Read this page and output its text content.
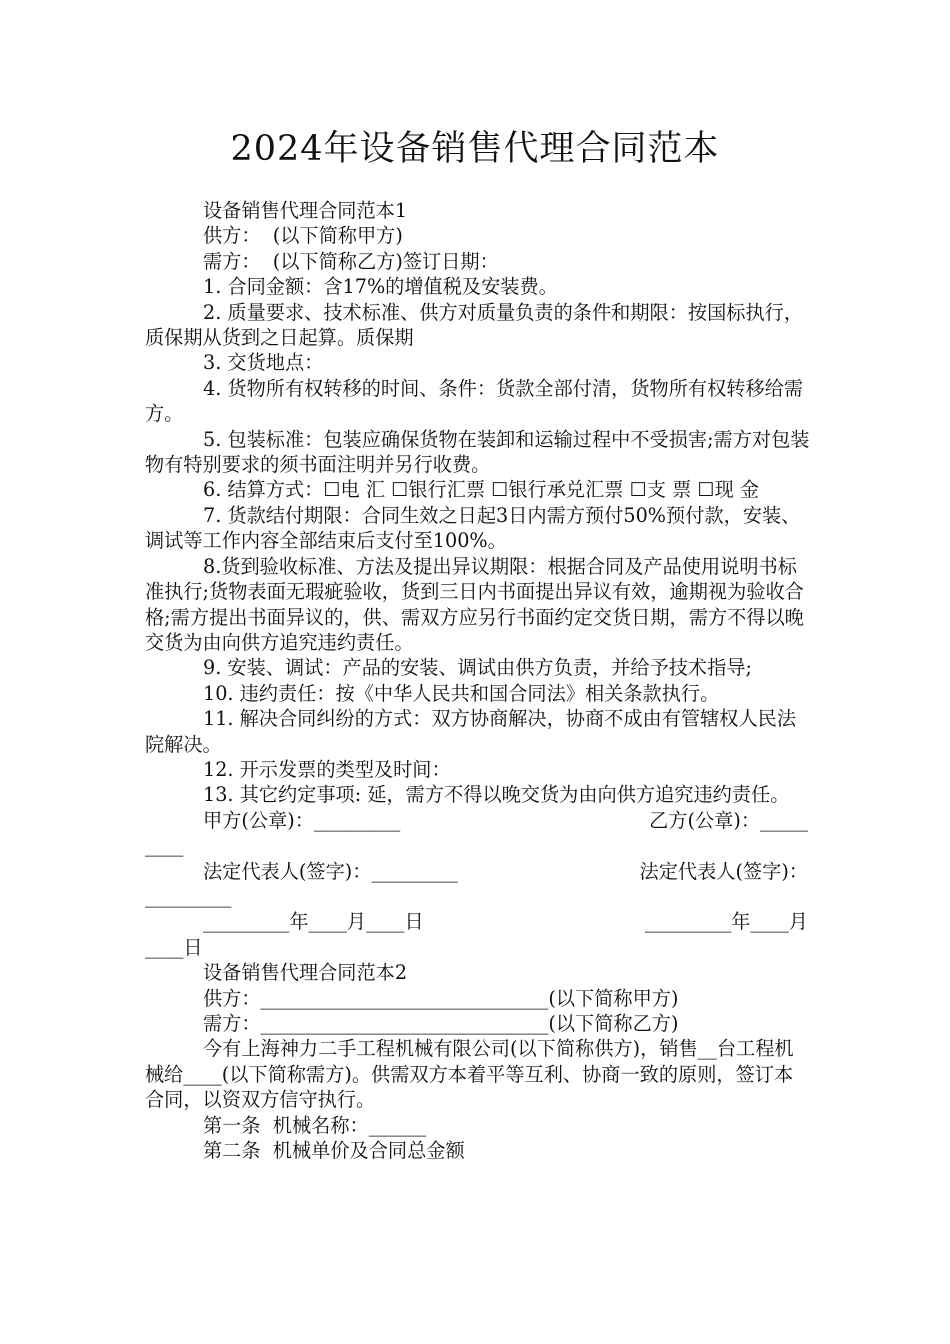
2024年设备销售代理合同范本

设备销售代理合同范本1

供方：  (以下简称甲方)

需方：  (以下简称乙方)签订日期：

1. 合同金额：含17%的增值税及安装费。

2. 质量要求、技术标准、供方对质量负责的条件和期限：按国标执行，质保期从货到之日起算。质保期

3. 交货地点：

4. 货物所有权转移的时间、条件：货款全部付清，货物所有权转移给需方。

5. 包装标准：包装应确保货物在装卸和运输过程中不受损害;需方对包装物有特别要求的须书面注明并另行收费。

6. 结算方式：☐电 汇 ☐银行汇票 ☐银行承兑汇票 ☐支 票 ☐现 金

7. 货款结付期限：合同生效之日起3日内需方预付50%预付款，安装、调试等工作内容全部结束后支付至100%。

8.货到验收标准、方法及提出异议期限：根据合同及产品使用说明书标准执行;货物表面无瑕疵验收，货到三日内书面提出异议有效，逾期视为验收合格;需方提出书面异议的，供、需双方应另行书面约定交货日期，需方不得以晚交货为由向供方追究违约责任。

9. 安装、调试：产品的安装、调试由供方负责，并给予技术指导;

10. 违约责任：按《中华人民共和国合同法》相关条款执行。

11. 解决合同纠纷的方式：双方协商解决，协商不成由有管辖权人民法院解决。

12. 开示发票的类型及时间：

13. 其它约定事项: 延，需方不得以晚交货为由向供方追究违约责任。

甲方(公章)：_________	乙方(公章)：_____

____

法定代表人(签字)：_________	法定代表人(签字)：

_________

_________年____月____日	_________年____月

____日

设备销售代理合同范本2

供方：______________________________(以下简称甲方)

需方：______________________________(以下简称乙方)

今有上海神力二手工程机械有限公司(以下简称供方)，销售__台工程机械给____(以下简称需方)。供需双方本着平等互利、协商一致的原则，签订本合同，以资双方信守执行。

第一条  机械名称：______

第二条  机械单价及合同总金额
